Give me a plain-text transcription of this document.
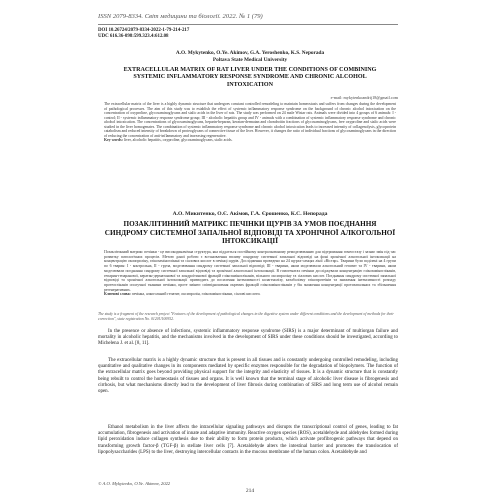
ISSN 2079-8334. Світ медицини та біології. 2022. № 1 (79)
DOI 10.26724/2079-8334-2022-1-79-214-217
UDC 616.36-098:599.323.4:612.08
A.O. Mykytenko, O.Ye. Akimov, G.A. Yeroshenko, K.S. Neporada
Poltava State Medical University
EXTRACELLULAR MATRIX OF RAT LIVER UNDER THE CONDITIONS OF COMBINING SYSTEMIC INFLAMMATORY RESPONSE SYNDROME AND CHRONIC ALCOHOL INTOXICATION
e-mail: mykytenkoandrij18@gmail.com
The extracellular matrix of the liver is a highly dynamic structure that undergoes constant controlled remodeling to maintain homeostasis and suffers from changes during the development of pathological processes. The aim of this study was to establish the effect of systemic inflammatory response syndrome on the background of chronic alcohol intoxication on the concentration of oxyproline, glycosaminoglycans and sialic acids in the liver of rats. The study was performed on 24 male Wistar rats. Animals were divided into 4 groups of 6 animals: I - control; II - systemic inflammatory response syndrome group; III - alcoholic hepatitis group and IV - animals with a combination of systemic inflammatory response syndrome and chronic alcohol intoxication. The concentrations of glycosaminoglycans, heparin-heparan, keratan-dermatan and chondroitin fractions of glycosaminoglycans, free oxyproline and sialic acids were studied in the liver homogenates. The combination of systemic inflammatory response syndrome and chronic alcohol intoxication leads to increased intensity of collagenolysis, glycoprotein catabolism and reduced intensity of breakdown of proteoglycans of connective tissue of the liver. However, it changes the ratio of individual fractions of glycosaminoglycans in the direction of reducing the concentration of anti-inflammatory and increasing regenerative.
Key words: liver, alcoholic hepatitis, oxyproline, glycosaminoglycans, sialic acids.
А.О. Микитенко, О.Є. Акімов, Г.А. Єрошенко, К.С. Непорада
ПОЗАКЛІТИННИЙ МАТРИКС ПЕЧІНКИ ЩУРІВ ЗА УМОВ ПОЄДНАННЯ СИНДРОМУ СИСТЕМНОЇ ЗАПАЛЬНОЇ ВІДПОВІДІ ТА ХРОНІЧНОЇ АЛКОГОЛЬНОЇ ІНТОКСИКАЦІЇ
Позаклітинний матрикс печінки - це високодинамічна структура, яка піддається постійному контрольованому ремоделюванню для підтримання гомеостазу і зазнає змін під час розвитку патологічних процесів. Метою даної роботи є встановлення впливу синдрому системної запальної відповіді на фоні хронічної алкогольної інтоксикації на концентрацію оксипроліну, глікозаміноглікані та сіалових кислот в печінці щурів. Дослідження проведено на 24 щурах-самцях лінії «Вістар». Тварини були поділені на 4 групи по 6 тварин: І - контрольна, ІІ - група, моделювання синдрому системної запальної відповіді; ІІІ - тварини, яким моделювали алкогольний гепатит та ІV - тварини, яким моделювали поєднання синдрому системної запальної відповіді та хронічної алкогольної інтоксикації. В гомогенатах печінки досліджували концентрацію глікозаміногліканів, гепарин-гепаранової, кератан-дерматанової та хондроїтинової фракцій глікозаміногліканів, вільного оксипроліну та сіалових кислот. Поєднання синдрому системної запальної відповіді та хронічної алкогольної інтоксикації призводить до посилення інтенсивності колагенолізу, катаболізму глікопротеїнів та зниження інтенсивності розпаду протеогліканів сполучної тканини печінки, проте змінює співвідношення окремих фракцій глікозаміногліканів у бік зниження концентрації протизапальних та збільшення регенеративних.
Ключові слова: печінка, алкогольний гепатит, оксипролін, глікозаміноглікани, сіалові кислоти.
The study is a fragment of the research project "Features of the development of pathological changes in the digestive system under different conditions and the development of methods for their correction", state registration No. 0120U100952.

In the presence or absence of infections, systemic inflammatory response syndrome (SIRS) is a major determinant of multiorgan failure and mortality in alcoholic hepatitis, and the mechanisms involved in the development of SIRS under these conditions should be investigated, according to Michelena J. et al. [8, 11].

The extracellular matrix is a highly dynamic structure that is present in all tissues and is constantly undergoing controlled remodeling, including quantitative and qualitative changes in its components mediated by specific enzymes responsible for the degradation of biopolymers. The function of the extracellular matrix goes beyond providing physical support for the integrity and elasticity of tissues. It is a dynamic structure that is constantly being rebuilt to control the homeostasis of tissues and organs. It is well known that the terminal stage of alcoholic liver disease is fibrogenesis and cirrhosis, but what mechanisms directly lead to the development of liver fibrosis during combination of SIRS and long term use of alcohol remain open.

Ethanol metabolism in the liver affects the intracellular signaling pathways and disrupts the transcriptional control of genes, leading to fat accumulation, fibrogenesis and activation of innate and adaptive immunity. Reactive oxygen species (ROS), acetaldehyde and aldehydes formed during lipid peroxidation induce collagen synthesis due to their ability to form protein products, which activate profibrogenic pathways that depend on transforming growth factor-β (TGF-β) in stellate liver cells [7]. Acetaldehyde alters the intestinal barrier and promotes the translocation of lipopolysaccharides (LPS) to the liver, destroying intercellular contacts in the mucous membrane of the human colon. Acetaldehyde and

© A.O. Mykytenko, O.Ye. Akimov, 2022
214
